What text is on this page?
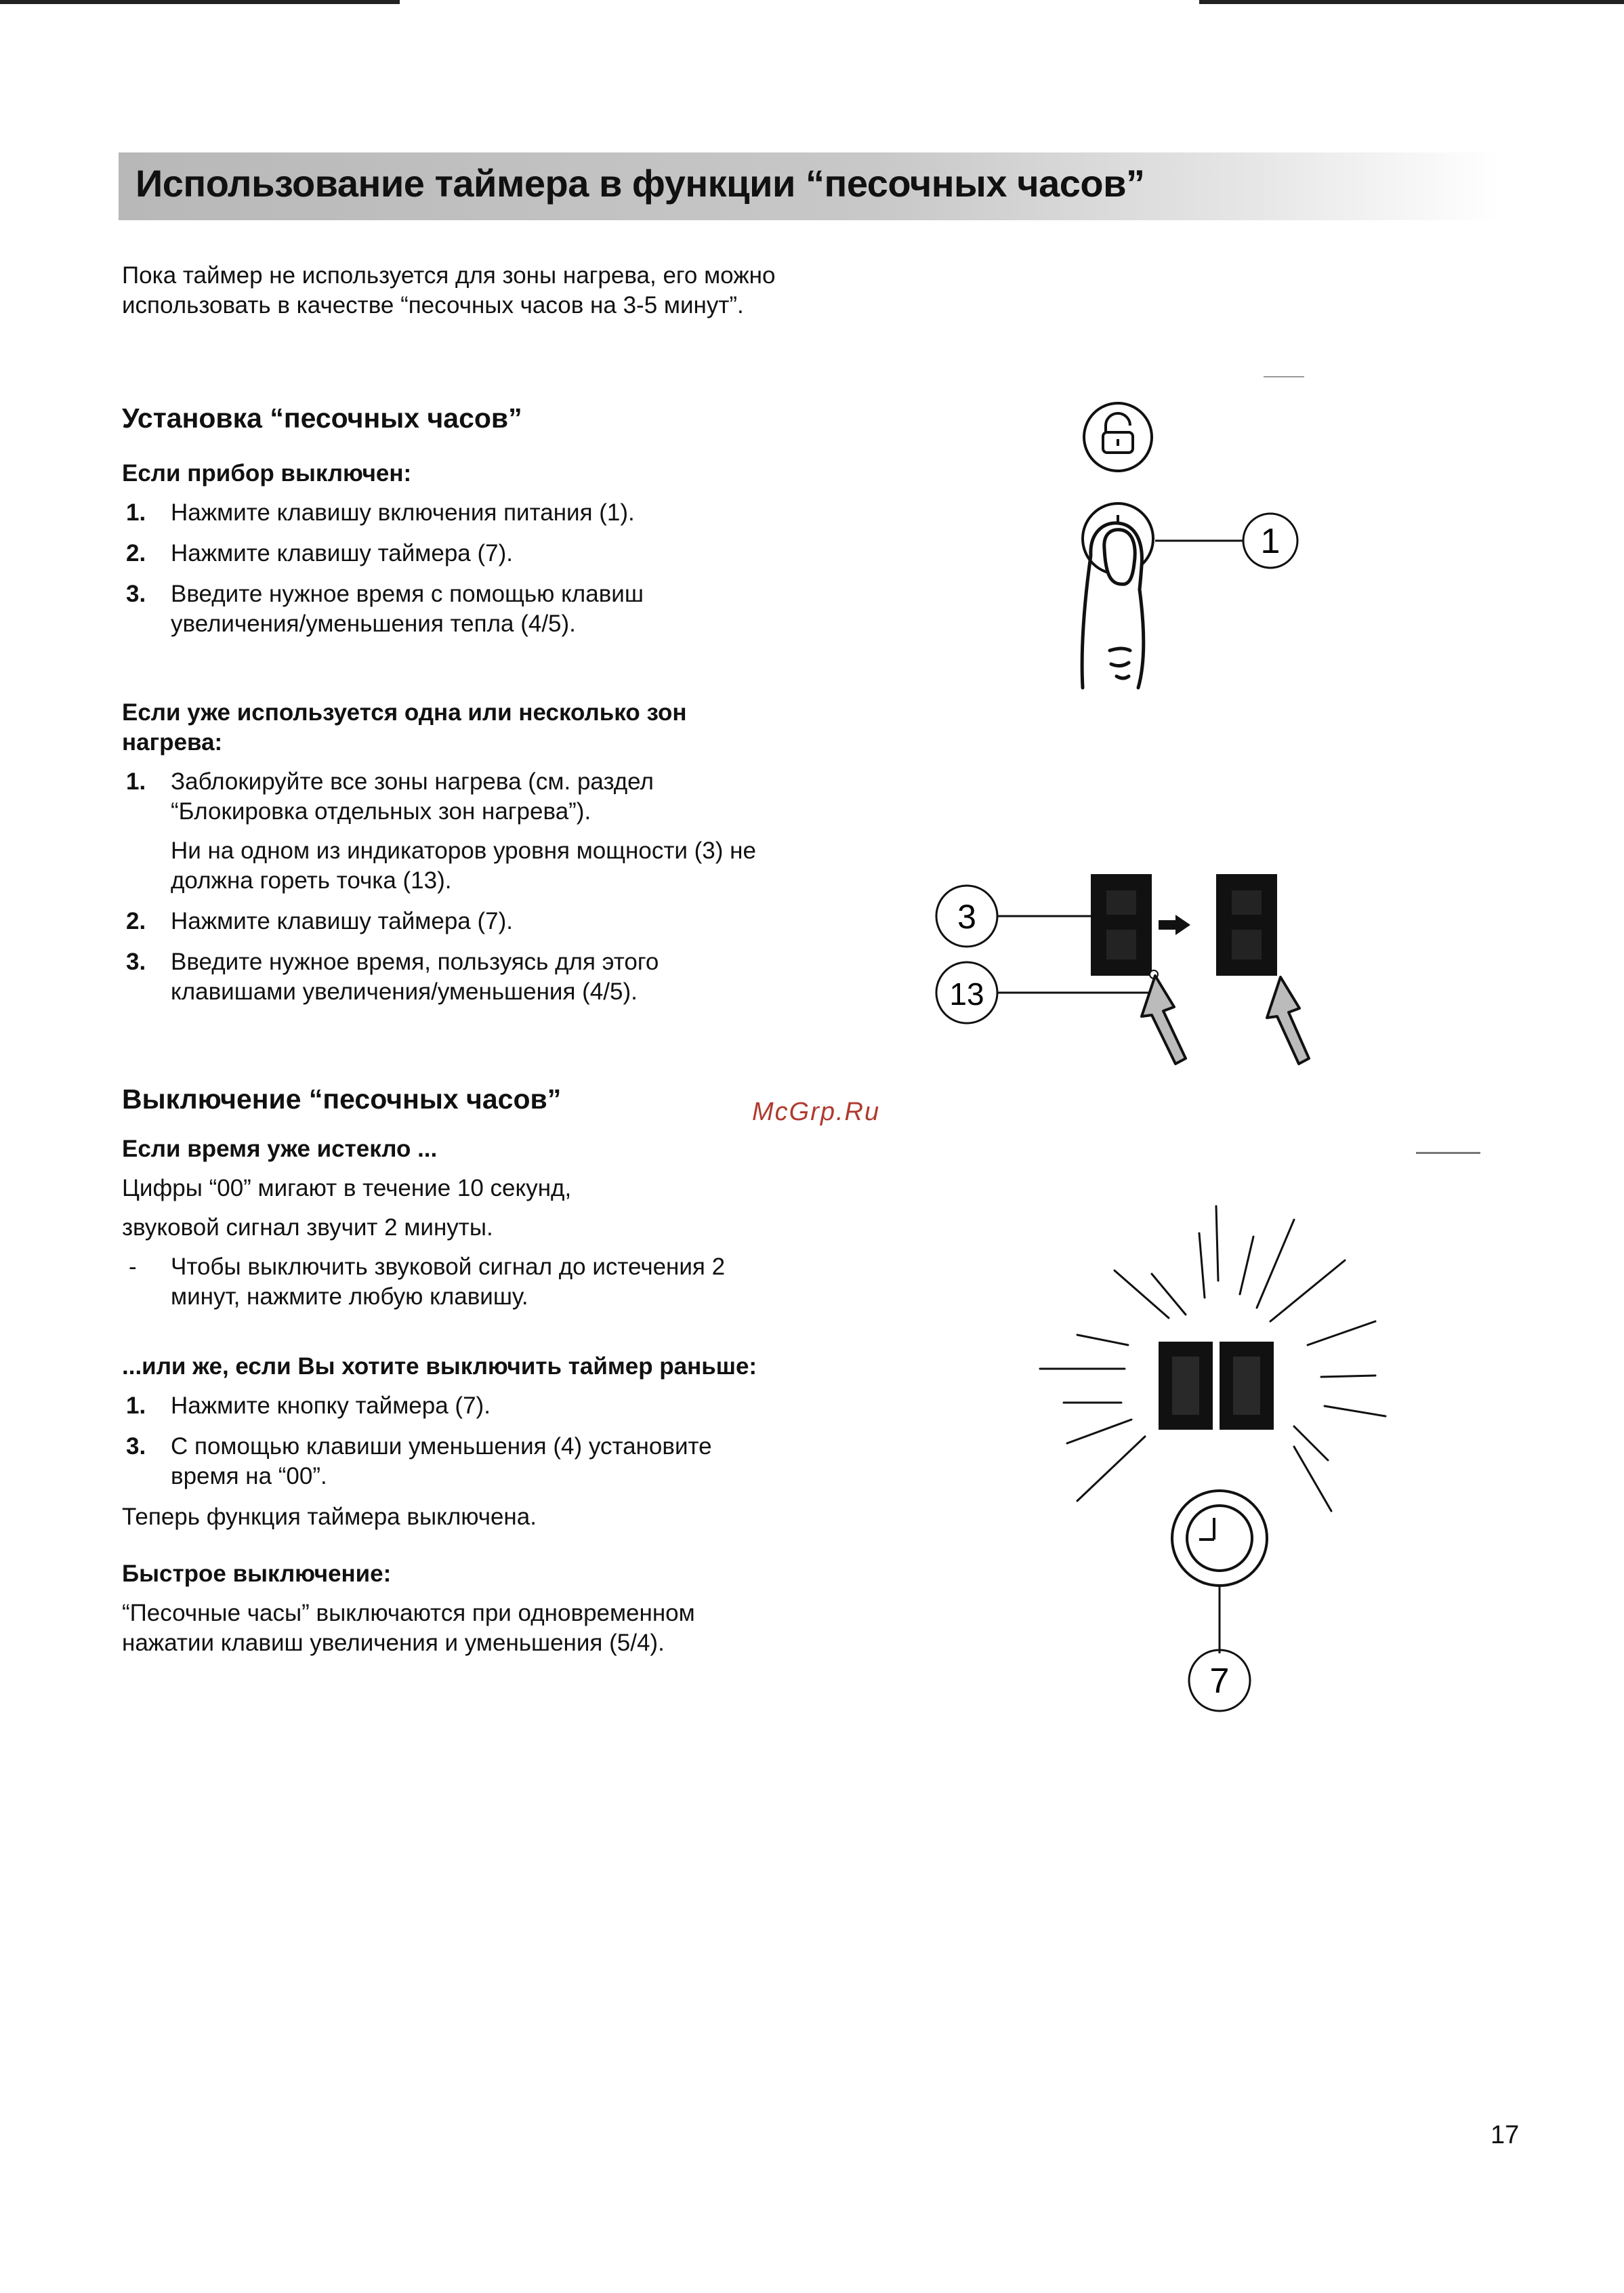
Использование таймера в функции “песочных часов”

Пока таймер не используется для зоны нагрева, его можно использовать в качестве “песочных часов на 3-5 минут”.

Установка “песочных часов”

Если прибор выключен:

1. Нажмите клавишу включения питания (1).
2. Нажмите клавишу таймера (7).
3. Введите нужное время с помощью клавиш увеличения/уменьшения тепла (4/5).

Если уже используется одна или несколько зон нагрева:

1. Заблокируйте все зоны нагрева (см. раздел “Блокировка отдельных зон нагрева”).

Ни на одном из индикаторов уровня мощности (3) не должна гореть точка (13).

2. Нажмите клавишу таймера (7).
3. Введите нужное время, пользуясь для этого клавишами увеличения/уменьшения (4/5).

Выключение “песочных часов”

Если время уже истекло ...

Цифры “00” мигают в течение 10 секунд,

звуковой сигнал звучит 2 минуты.

- Чтобы выключить звуковой сигнал до истечения 2 минут, нажмите любую клавишу.

...или же, если Вы хотите выключить таймер раньше:

1. Нажмите кнопку таймера (7).
3. С помощью клавиши уменьшения (4) установите время на “00”.

Теперь функция таймера выключена.

Быстрое выключение:

“Песочные часы” выключаются при одновременном нажатии клавиш увеличения и уменьшения (5/4).

McGrp.Ru
1
3
13
7
17
